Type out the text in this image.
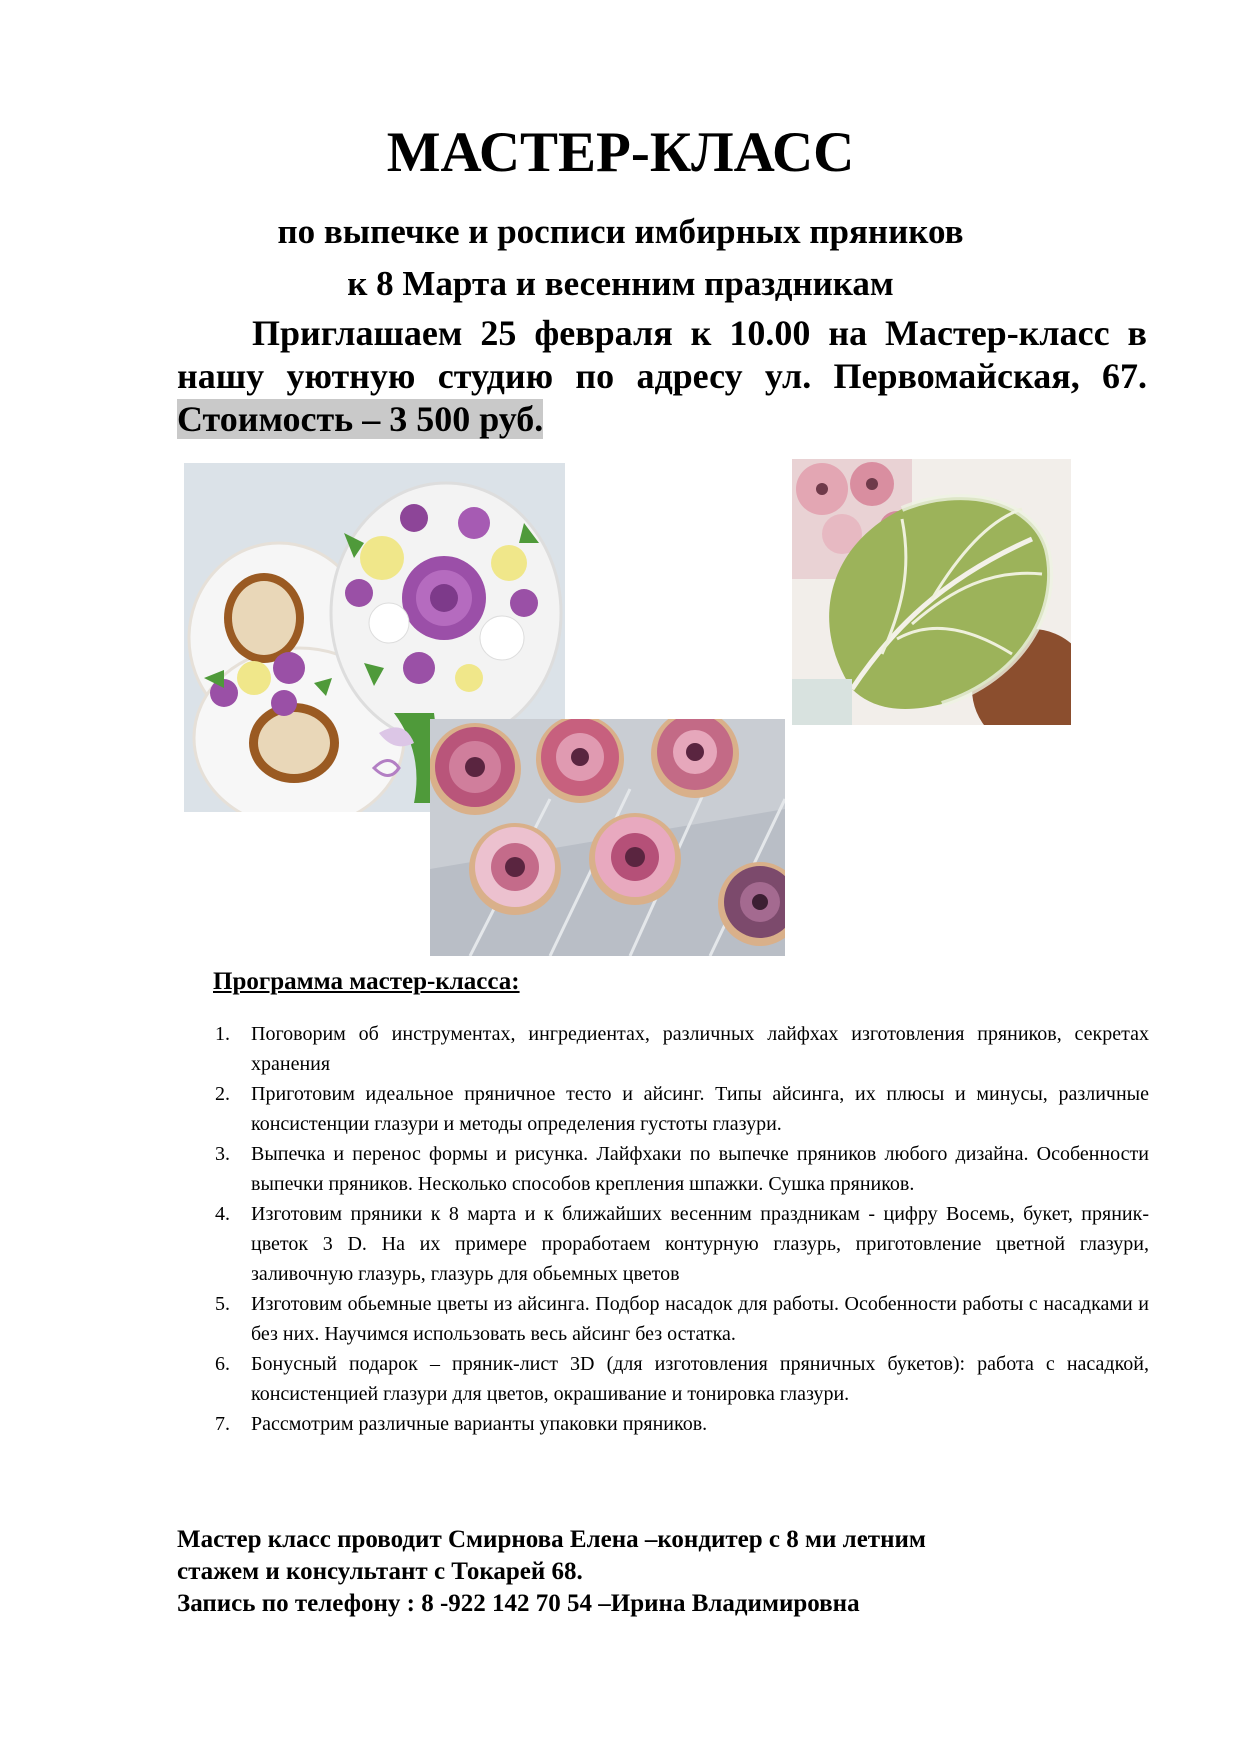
МАСТЕР-КЛАСС
по выпечке и росписи имбирных пряников
к 8 Марта и весенним праздникам
Приглашаем 25 февраля к 10.00 на Мастер-класс в нашу уютную студию по адресу ул. Первомайская, 67. Стоимость – 3 500 руб.
Программа мастер-класса:
1. Поговорим об инструментах, ингредиентах, различных лайфхах изготовления пряников, секретах хранения
2. Приготовим идеальное пряничное тесто и айсинг. Типы айсинга, их плюсы и минусы, различные консистенции глазури и методы определения густоты глазури.
3. Выпечка и перенос формы и рисунка. Лайфхаки по выпечке пряников любого дизайна. Особенности выпечки пряников. Несколько способов крепления шпажки. Сушка пряников.
4. Изготовим пряники к 8 марта и к ближайших весенним праздникам - цифру Восемь, букет, пряник-цветок 3 D. На их примере проработаем контурную глазурь, приготовление цветной глазури, заливочную глазурь, глазурь для обьемных цветов
5. Изготовим обьемные цветы из айсинга. Подбор насадок для работы. Особенности работы с насадками и без них. Научимся использовать весь айсинг без остатка.
6. Бонусный подарок – пряник-лист 3D (для изготовления пряничных букетов): работа с насадкой, консистенцией глазури для цветов, окрашивание и тонировка глазури.
7. Рассмотрим различные варианты упаковки пряников.
Мастер класс проводит Смирнова Елена –кондитер с 8 ми летним
стажем и консультант с Токарей 68.
Запись по телефону : 8 -922 142 70 54 –Ирина Владимировна
